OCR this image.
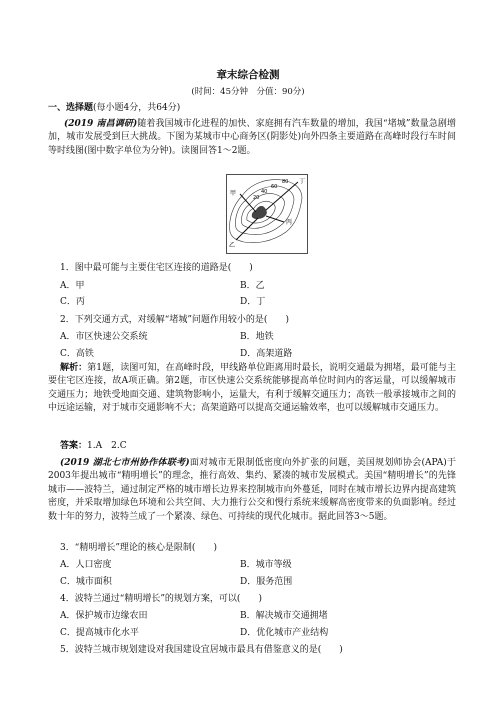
章末综合检测
(时间：45分钟　分值：90分)
一、选择题(每小题4分，共64分)
(2019 南昌调研)随着我国城市化进程的加快、家庭拥有汽车数量的增加，我国“堵城”数量急剧增加，城市发展受到巨大挑战。下图为某城市中心商务区(阴影处)向外四条主要道路在高峰时段行车时间等时线图(图中数字单位为分钟)。读图回答1～2题。
甲
乙
丙
丁
20
40
60
80
1．图中最可能与主要住宅区连接的道路是(　　)
A．甲	B．乙
C．丙	D．丁
2．下列交通方式，对缓解“堵城”问题作用较小的是(　　)
A．市区快速公交系统	B．地铁
C．高铁	D．高架道路
解析：第1题，读图可知，在高峰时段，甲线路单位距离用时最长，说明交通最为拥堵，最可能与主要住宅区连接，故A项正确。第2题，市区快速公交系统能够提高单位时间内的客运量，可以缓解城市交通压力；地铁受地面交通、建筑物影响小，运量大，有利于缓解交通压力；高铁一般承接城市之间的中远途运输，对于城市交通影响不大；高架道路可以提高交通运输效率，也可以缓解城市交通压力。
答案：1.A　2.C
(2019 湖北七市州协作体联考)面对城市无限制低密度向外扩张的问题，美国规划师协会(APA)于2003年提出城市“精明增长”的理念，推行高效、集约、紧凑的城市发展模式。美国“精明增长”的先锋城市——波特兰，通过制定严格的城市增长边界来控制城市向外蔓延，同时在城市增长边界内提高建筑密度，并采取增加绿色环境和公共空间、大力推行公交和慢行系统来缓解高密度带来的负面影响。经过数十年的努力，波特兰成了一个紧凑、绿色、可持续的现代化城市。据此回答3～5题。
3．“精明增长”理论的核心是限制(　　)
A．人口密度	B．城市等级
C．城市面积	D．服务范围
4．波特兰通过“精明增长”的规划方案，可以(　　)
A．保护城市边缘农田	B．解决城市交通拥堵
C．提高城市化水平	D．优化城市产业结构
5．波特兰城市规划建设对我国建设宜居城市最具有借鉴意义的是(　　)
